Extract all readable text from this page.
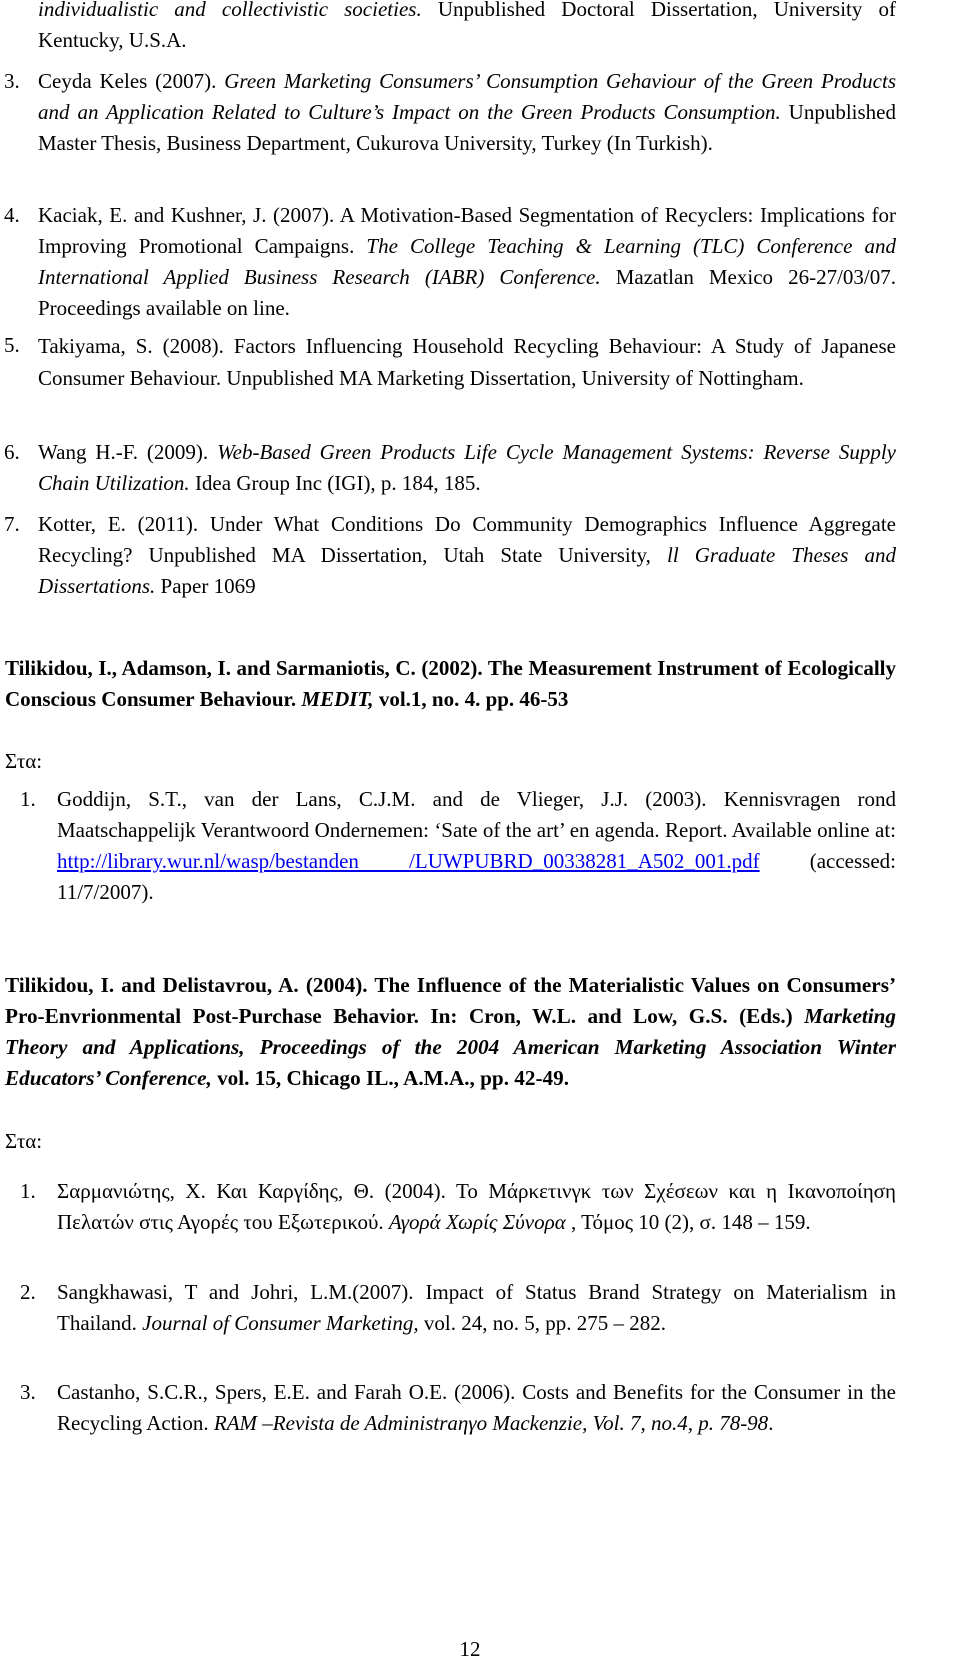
individualistic and collectivistic societies. Unpublished Doctoral Dissertation, University of Kentucky, U.S.A.
3. Ceyda Keles (2007). Green Marketing Consumers’ Consumption Gehaviour of the Green Products and an Application Related to Culture’s Impact on the Green Products Consumption. Unpublished Master Thesis, Business Department, Cukurova University, Turkey (In Turkish).
4. Kaciak, E. and Kushner, J. (2007). A Motivation-Based Segmentation of Recyclers: Implications for Improving Promotional Campaigns. The College Teaching & Learning (TLC) Conference and International Applied Business Research (IABR) Conference. Mazatlan Mexico 26-27/03/07. Proceedings available on line.
5. Takiyama, S. (2008). Factors Influencing Household Recycling Behaviour: A Study of Japanese Consumer Behaviour. Unpublished MA Marketing Dissertation, University of Nottingham.
6. Wang H.-F. (2009). Web-Based Green Products Life Cycle Management Systems: Reverse Supply Chain Utilization. Idea Group Inc (IGI), p. 184, 185.
7. Kotter, E. (2011). Under What Conditions Do Community Demographics Influence Aggregate Recycling? Unpublished MA Dissertation, Utah State University, ll Graduate Theses and Dissertations. Paper 1069
Tilikidou, I., Adamson, I. and Sarmaniotis, C. (2002). The Measurement Instrument of Ecologically Conscious Consumer Behaviour. MEDIT, vol.1, no. 4. pp. 46-53
Στα:
1. Goddijn, S.T., van der Lans, C.J.M. and de Vlieger, J.J. (2003). Kennisvragen rond Maatschappelijk Verantwoord Ondernemen: ‘Sate of the art’ en agenda. Report. Available online at: http://library.wur.nl/wasp/bestanden /LUWPUBRD_00338281_A502_001.pdf (accessed: 11/7/2007).
Tilikidou, I. and Delistavrou, A. (2004). The Influence of the Materialistic Values on Consumers’ Pro-Envrionmental Post-Purchase Behavior. In: Cron, W.L. and Low, G.S. (Eds.) Marketing Theory and Applications, Proceedings of the 2004 American Marketing Association Winter Educators’ Conference, vol. 15, Chicago IL., A.M.A., pp. 42-49.
Στα:
1. Σαρμανιώτης, Χ. Και Καργίδης, Θ. (2004). Το Μάρκετινγκ των Σχέσεων και η Ικανοποίηση Πελατών στις Αγορές του Εξωτερικού. Αγορά Χωρίς Σύνορα , Τόμος 10 (2), σ. 148 – 159.
2. Sangkhawasi, T and Johri, L.M.(2007). Impact of Status Brand Strategy on Materialism in Thailand. Journal of Consumer Marketing, vol. 24, no. 5, pp. 275 – 282.
3. Castanho, S.C.R., Spers, E.E. and Farah O.E. (2006). Costs and Benefits for the Consumer in the Recycling Action. RAM –Revista de Administraηγο Mackenzie, Vol. 7, no.4, p. 78-98.
12
